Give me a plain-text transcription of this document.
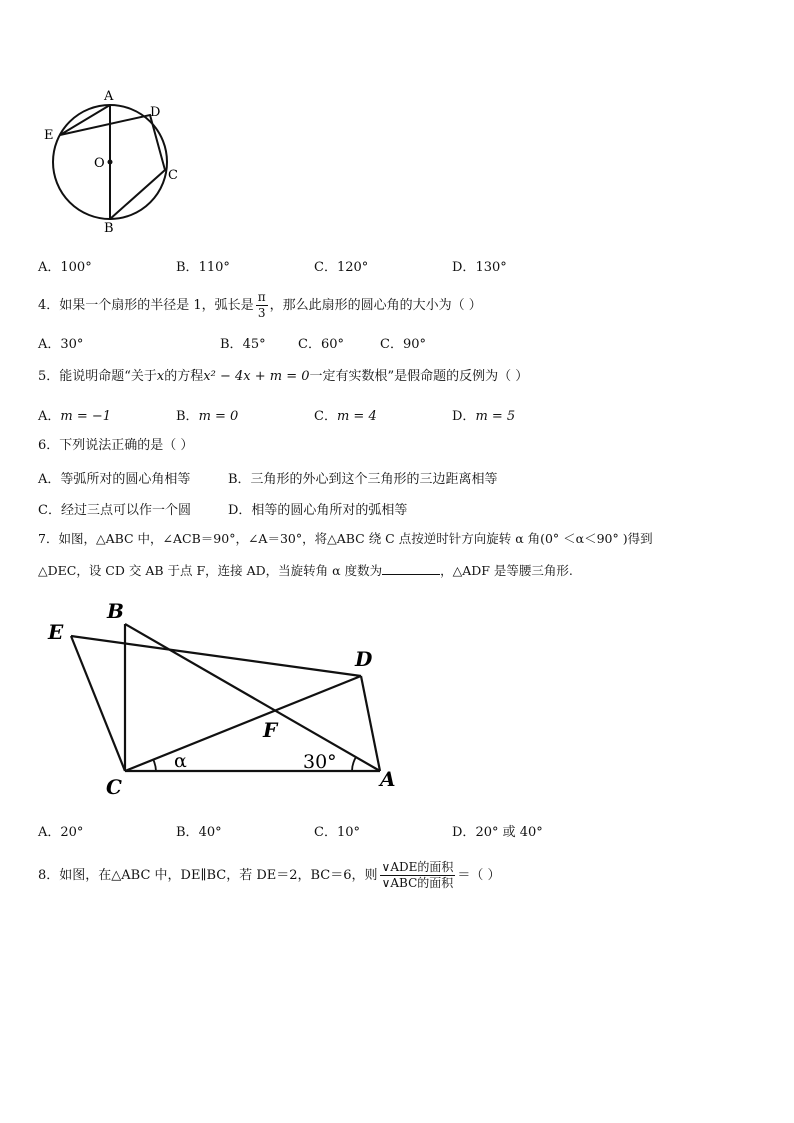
A
D
E
O
C
B
A．100°	B．110°	C．120°	D．130°
4．如果一个扇形的半径是 1，弧长是 $\frac{\pi}{3}$ ，那么此扇形的圆心角的大小为（ ）
A．30°	B．45° C．60°	C．90°
5．能说明命题“关于x的方程x² − 4x + m = 0一定有实数根”是假命题的反例为（ ）
A．m = −1	B．m = 0	C．m = 4	D．m = 5
6．下列说法正确的是（ ）
A．等弧所对的圆心角相等	B．三角形的外心到这个三角形的三边距离相等
C．经过三点可以作一个圆	D．相等的圆心角所对的弧相等
7．如图，△ABC 中，∠ACB＝90°，∠A＝30°，将△ABC 绕 C 点按逆时针方向旋转 α 角(0° ＜α＜90° )得到
△DEC，设 CD 交 AB 于点 F，连接 AD，当旋转角 α 度数为	，△ADF 是等腰三角形.
B
E
D
F
C	A
α	30°
A．20°	B．40°	C．10°	D．20° 或 40°
8．如图，在△ABC 中，DE∥BC，若 DE＝2，BC＝6，则 $\frac{\text{∨ADE的面积}}{\text{∨ABC的面积}}$ ＝（ ）
